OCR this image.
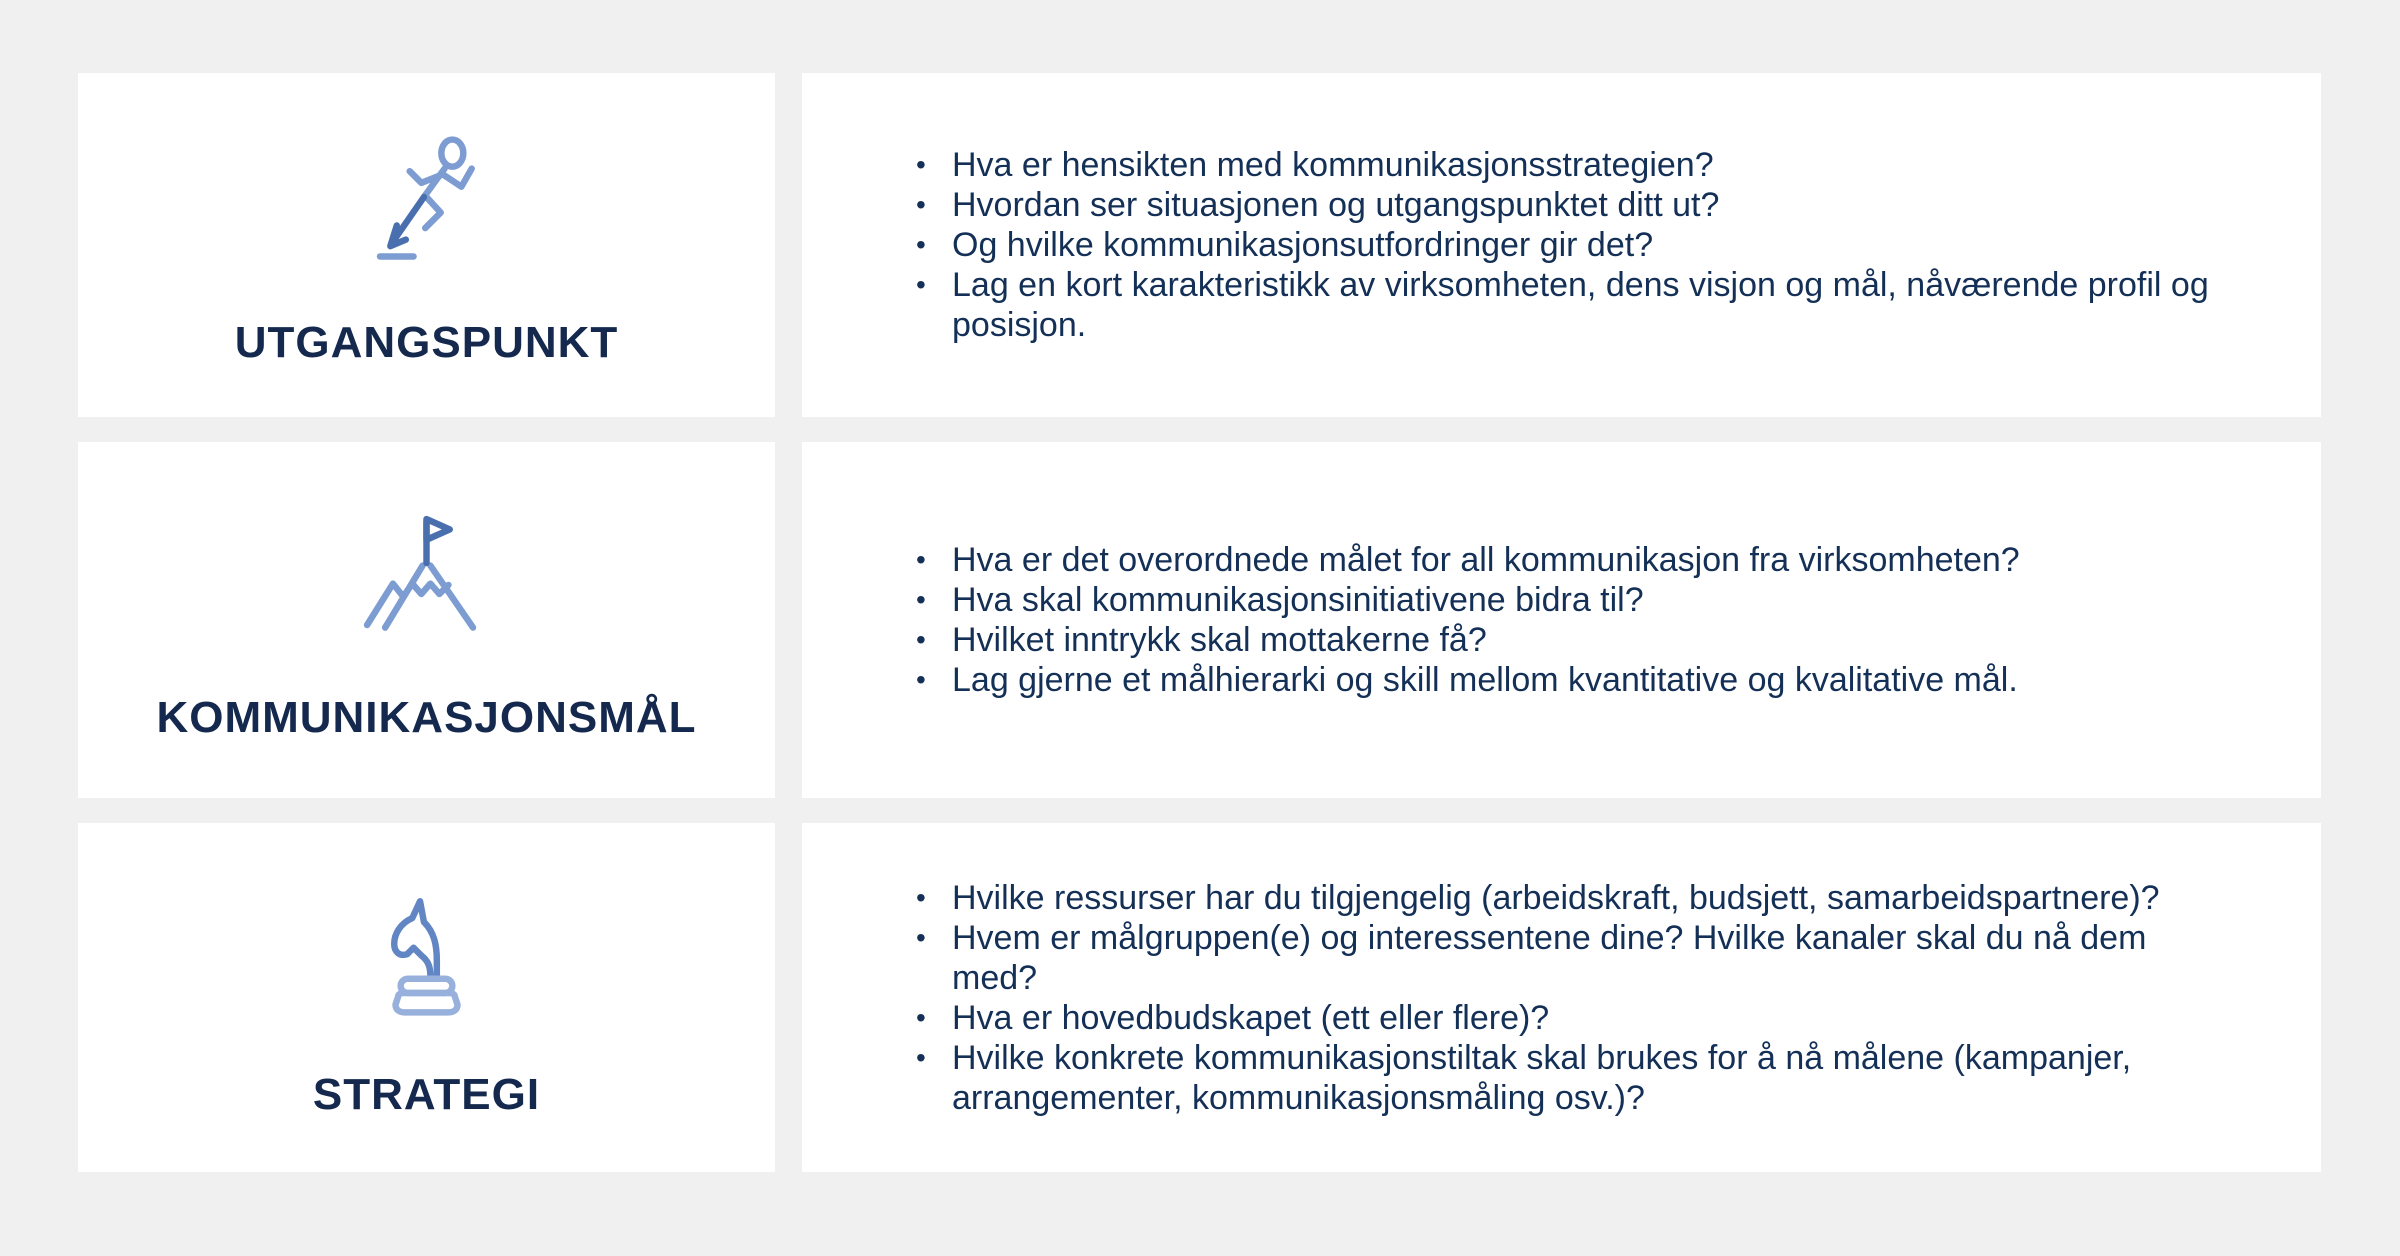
UTGANGSPUNKT
• Hva er hensikten med kommunikasjonsstrategien?
• Hvordan ser situasjonen og utgangspunktet ditt ut?
• Og hvilke kommunikasjonsutfordringer gir det?
• Lag en kort karakteristikk av virksomheten, dens visjon og mål, nåværende profil og posisjon.
KOMMUNIKASJONSMÅL
• Hva er det overordnede målet for all kommunikasjon fra virksomheten?
• Hva skal kommunikasjonsinitiativene bidra til?
• Hvilket inntrykk skal mottakerne få?
• Lag gjerne et målhierarki og skill mellom kvantitative og kvalitative mål.
STRATEGI
• Hvilke ressurser har du tilgjengelig (arbeidskraft, budsjett, samarbeidspartnere)?
• Hvem er målgruppen(e) og interessentene dine? Hvilke kanaler skal du nå dem med?
• Hva er hovedbudskapet (ett eller flere)?
• Hvilke konkrete kommunikasjonstiltak skal brukes for å nå målene (kampanjer, arrangementer, kommunikasjonsmåling osv.)?
